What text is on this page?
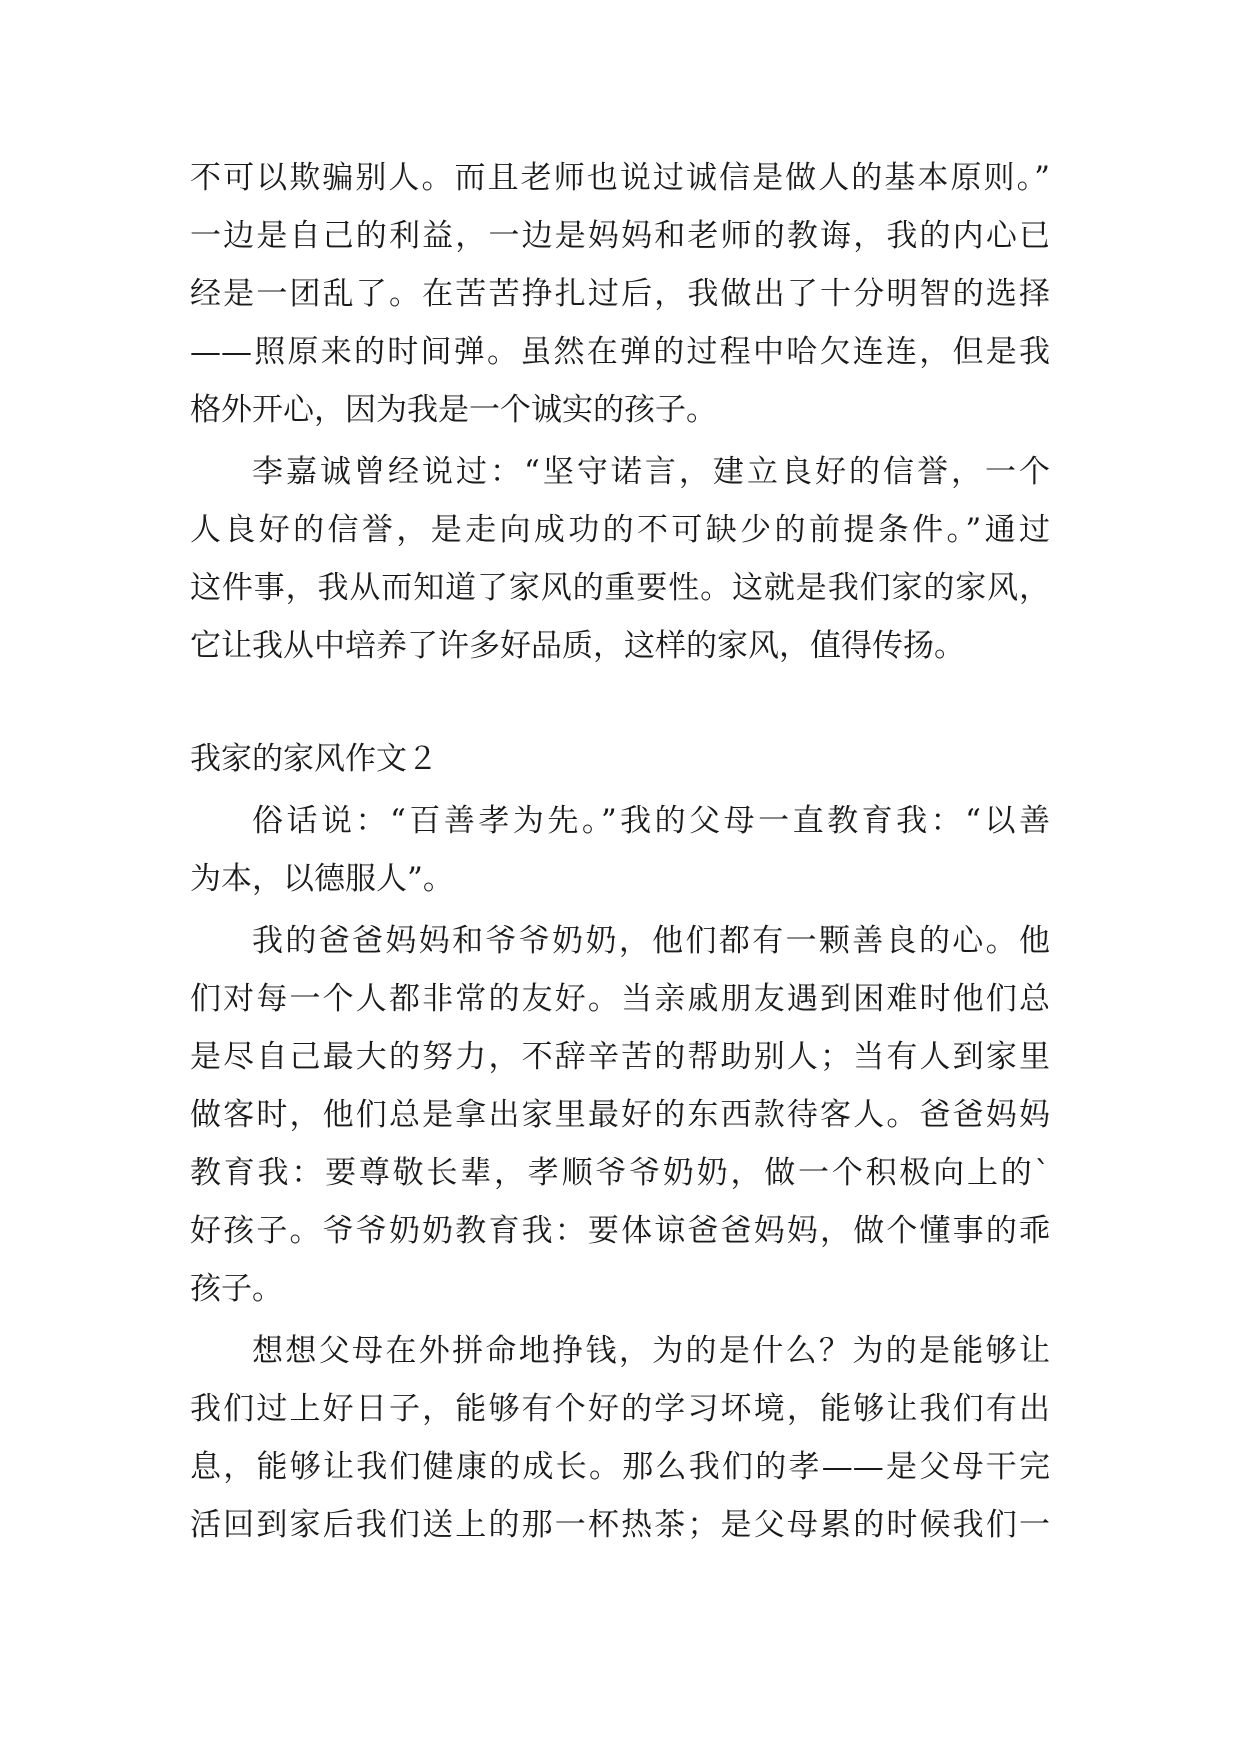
不可以欺骗别人。而且老师也说过诚信是做人的基本原则。”
一边是自己的利益，一边是妈妈和老师的教诲，我的内心已
经是一团乱了。在苦苦挣扎过后，我做出了十分明智的选择
——照原来的时间弹。虽然在弹的过程中哈欠连连，但是我
格外开心，因为我是一个诚实的孩子。
李嘉诚曾经说过：“坚守诺言，建立良好的信誉，一个
人良好的信誉，是走向成功的不可缺少的前提条件。”通过
这件事，我从而知道了家风的重要性。这就是我们家的家风，
它让我从中培养了许多好品质，这样的家风，值得传扬。
我家的家风作文２
俗话说：“百善孝为先。”我的父母一直教育我：“以善
为本，以德服人”。
我的爸爸妈妈和爷爷奶奶，他们都有一颗善良的心。他
们对每一个人都非常的友好。当亲戚朋友遇到困难时他们总
是尽自己最大的努力，不辞辛苦的帮助别人；当有人到家里
做客时，他们总是拿出家里最好的东西款待客人。爸爸妈妈
教育我：要尊敬长辈，孝顺爷爷奶奶，做一个积极向上的`
好孩子。爷爷奶奶教育我：要体谅爸爸妈妈，做个懂事的乖
孩子。
想想父母在外拼命地挣钱，为的是什么？为的是能够让
我们过上好日子，能够有个好的学习坏境，能够让我们有出
息，能够让我们健康的成长。那么我们的孝——是父母干完
活回到家后我们送上的那一杯热茶；是父母累的时候我们一
